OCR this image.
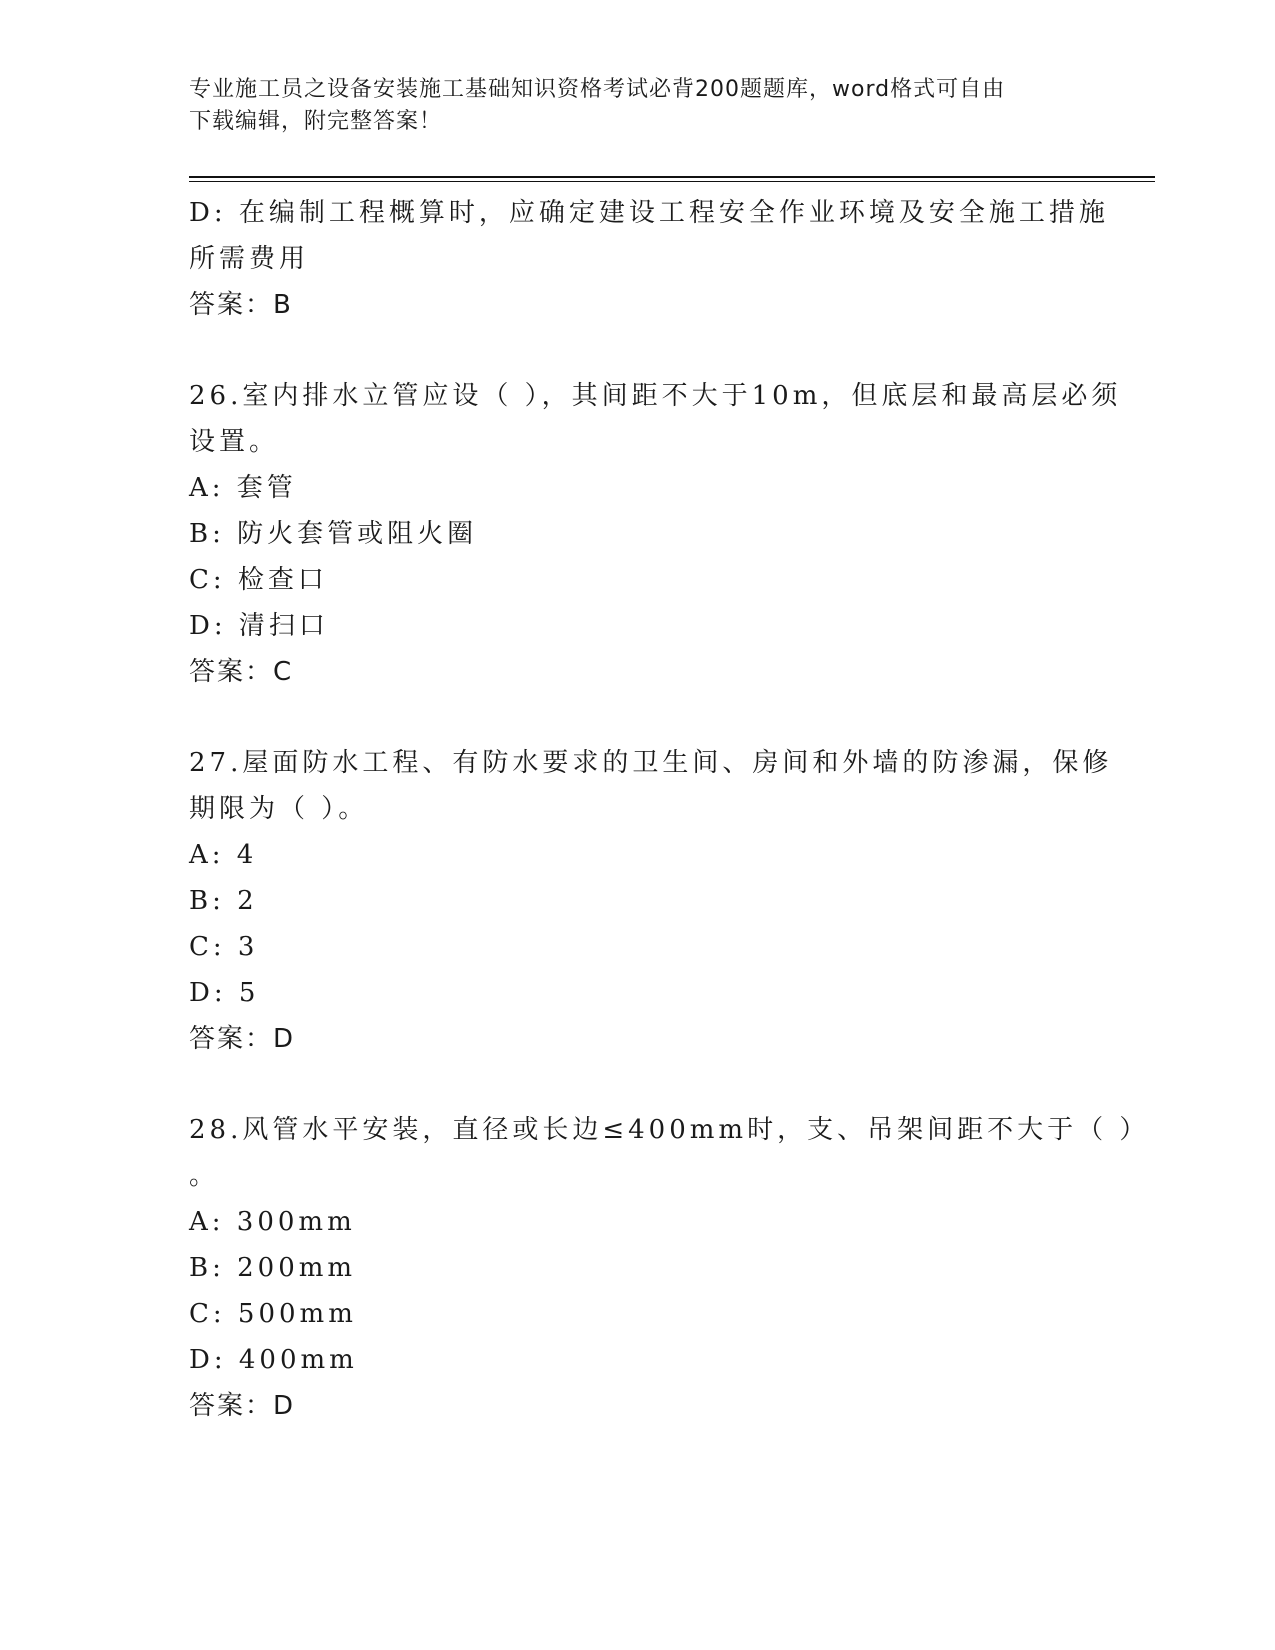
专业施工员之设备安装施工基础知识资格考试必背200题题库，word格式可自由
下载编辑，附完整答案！
D: 在编制工程概算时，应确定建设工程安全作业环境及安全施工措施
所需费用
答案：B
26.室内排水立管应设（ ），其间距不大于10m，但底层和最高层必须
设置。
A: 套管
B: 防火套管或阻火圈
C: 检查口
D: 清扫口
答案：C
27.屋面防水工程、有防水要求的卫生间、房间和外墙的防渗漏，保修
期限为（ ）。
A: 4
B: 2
C: 3
D: 5
答案：D
28.风管水平安装，直径或长边≤400mm时，支、吊架间距不大于（ ）
。
A: 300mm
B: 200mm
C: 500mm
D: 400mm
答案：D
